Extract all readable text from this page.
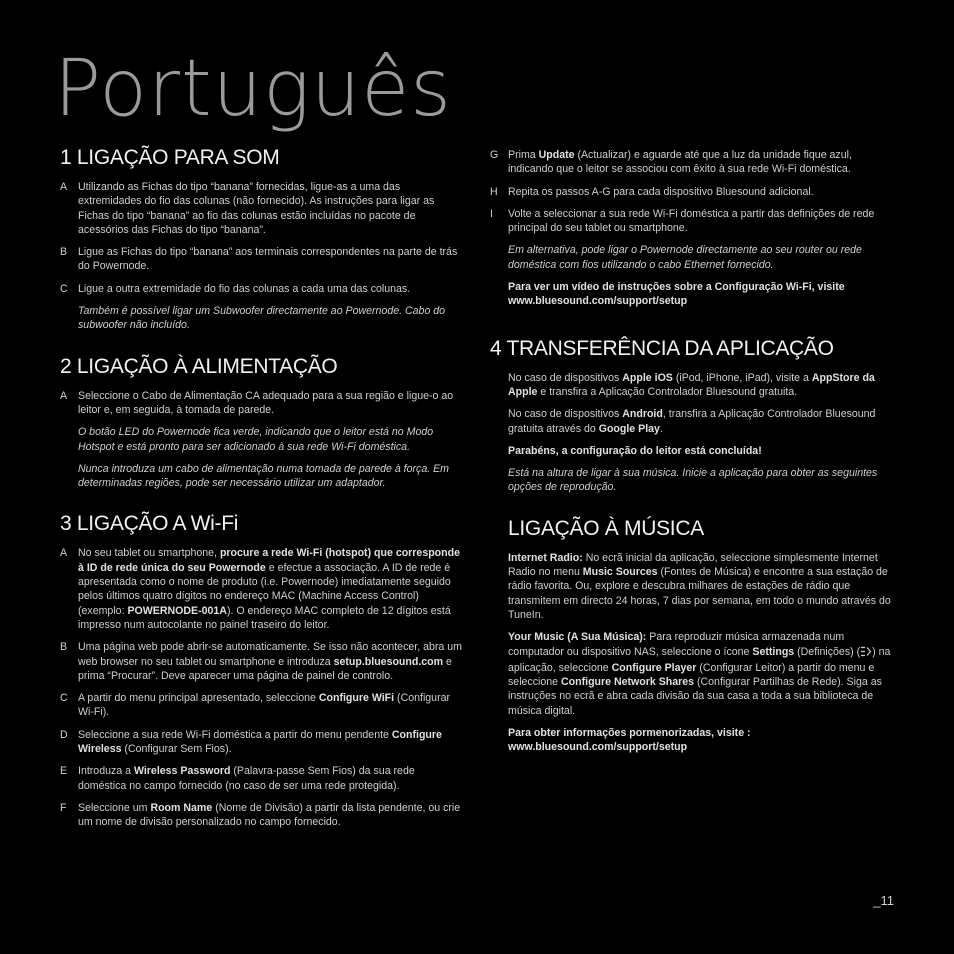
Português
1 LIGAÇÃO PARA SOM
A	Utilizando as Fichas do tipo “banana” fornecidas, ligue-as a uma das extremidades do fio das colunas (não fornecido). As instruções para ligar as Fichas do tipo “banana” ao fio das colunas estão incluídas no pacote de acessórios das Fichas do tipo “banana”.
B	Ligue as Fichas do tipo “banana” aos terminais correspondentes na parte de trás do Powernode.
C Ligue a outra extremidade do fio das colunas a cada uma das colunas.

Também é possível ligar um Subwoofer directamente ao Powernode. Cabo do subwoofer não incluído.

2 LIGAÇÃO À ALIMENTAÇÃO
A	Seleccione o Cabo de Alimentação CA adequado para a sua região e ligue-o ao leitor e, em seguida, à tomada de parede.

O botão LED do Powernode fica verde, indicando que o leitor está no Modo Hotspot e está pronto para ser adicionado à sua rede Wi-Fi doméstica.

Nunca introduza um cabo de alimentação numa tomada de parede à força. Em determinadas regiões, pode ser necessário utilizar um adaptador.

3 LIGAÇÃO A Wi-Fi
A	No seu tablet ou smartphone, procure a rede Wi-Fi (hotspot) que corresponde à ID de rede única do seu Powernode e efectue a associação. A ID de rede é apresentada como o nome de produto (i.e. Powernode) imediatamente seguido pelos últimos quatro dígitos no endereço MAC (Machine Access Control) (exemplo: POWERNODE-001A). O endereço MAC completo de 12 dígitos está impresso num autocolante no painel traseiro do leitor.
B	Uma página web pode abrir-se automaticamente. Se isso não acontecer, abra um web browser no seu tablet ou smartphone e introduza setup.bluesound.com e prima “Procurar”. Deve aparecer uma página de painel de controlo.
C A partir do menu principal apresentado, seleccione Configure WiFi (Configurar Wi-Fi).
D Seleccione a sua rede Wi-Fi doméstica a partir do menu pendente Configure Wireless (Configurar Sem Fios).
E	Introduza a Wireless Password (Palavra-passe Sem Fios) da sua rede doméstica no campo fornecido (no caso de ser uma rede protegida).
F	Seleccione um Room Name (Nome de Divisão) a partir da lista pendente, ou crie um nome de divisão personalizado no campo fornecido.
G Prima Update (Actualizar) e aguarde até que a luz da unidade fique azul, indicando que o leitor se associou com êxito à sua rede Wi-Fi doméstica.
H Repita os passos A-G para cada dispositivo Bluesound adicional.
I	Volte a seleccionar a sua rede Wi-Fi doméstica a partir das definições de rede principal do seu tablet ou smartphone.

Em alternativa, pode ligar o Powernode directamente ao seu router ou rede doméstica com fios utilizando o cabo Ethernet fornecido.

Para ver um vídeo de instruções sobre a Configuração Wi-Fi, visite www.bluesound.com/support/setup

4 TRANSFERÊNCIA DA APLICAÇÃO

No caso de dispositivos Apple iOS (iPod, iPhone, iPad), visite a AppStore da Apple e transfira a Aplicação Controlador Bluesound gratuita.

No caso de dispositivos Android, transfira a Aplicação Controlador Bluesound gratuita através do Google Play.

Parabéns, a configuração do leitor está concluída!

Está na altura de ligar à sua música. Inicie a aplicação para obter as seguintes opções de reprodução.

LIGAÇÃO À MÚSICA

Internet Radio: No ecrã inicial da aplicação, seleccione simplesmente Internet Radio no menu Music Sources (Fontes de Música) e encontre a sua estação de rádio favorita. Ou, explore e descubra milhares de estações de rádio que transmitem em directo 24 horas, 7 dias por semana, em todo o mundo através do TuneIn.

Your Music (A Sua Música): Para reproduzir música armazenada num computador ou dispositivo NAS, seleccione o ícone Settings (Definições) ( ) na aplicação, seleccione Configure Player (Configurar Leitor) a partir do menu e seleccione Configure Network Shares (Configurar Partilhas de Rede). Siga as instruções no ecrã e abra cada divisão da sua casa a toda a sua biblioteca de música digital.

Para obter informações pormenorizadas, visite : www.bluesound.com/support/setup

_11
